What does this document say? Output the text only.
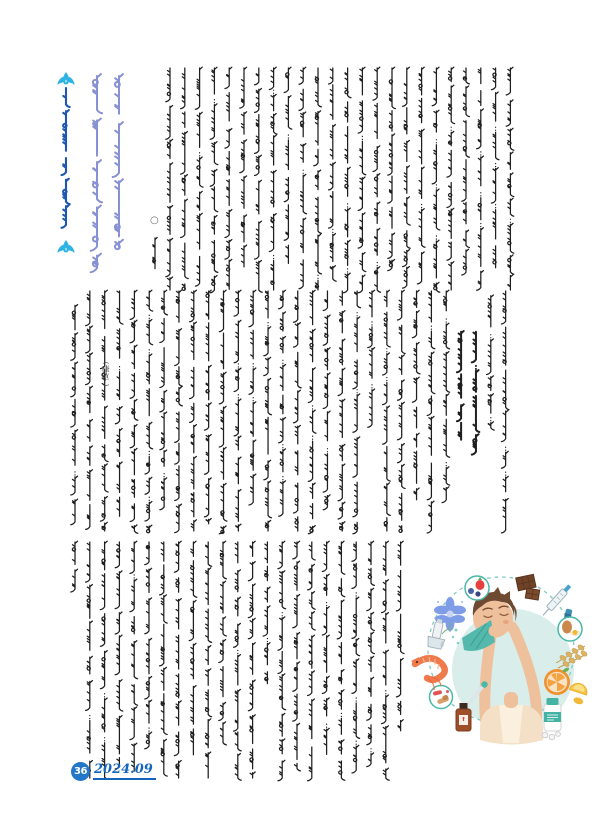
○
(
葎
草
)
36 2024.09
